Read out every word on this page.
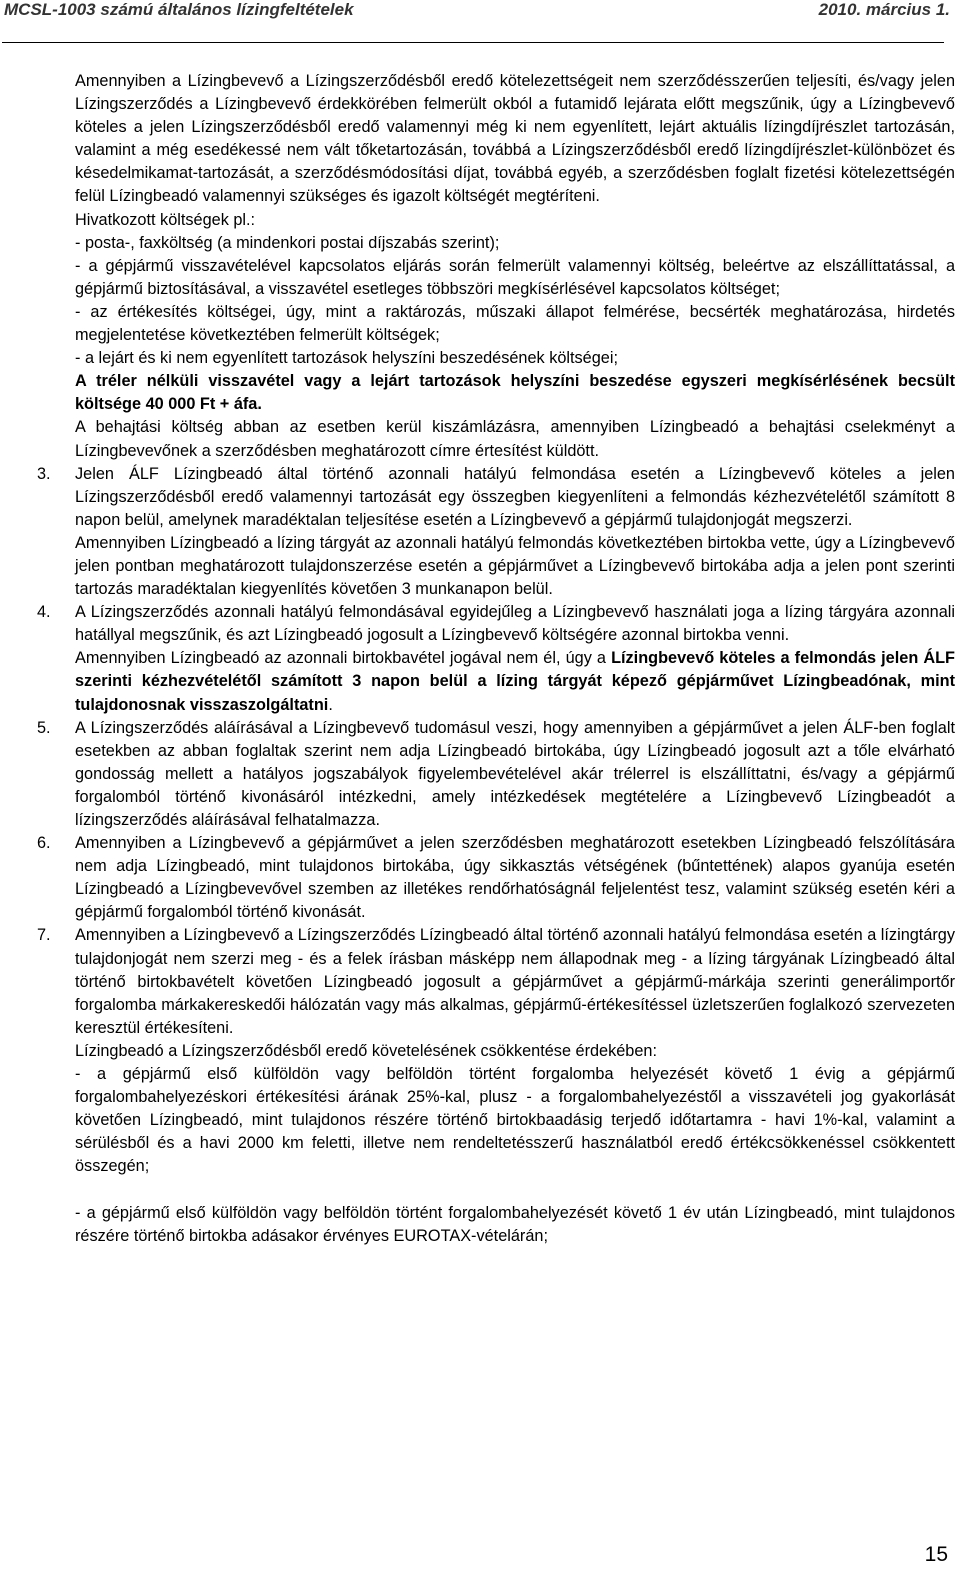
MCSL-1003 számú általános lízingfeltételek	2010. március 1.

Amennyiben a Lízingbevevő a Lízingszerződésből eredő kötelezettségeit nem szerződésszerűen teljesíti, és/vagy jelen Lízingszerződés a Lízingbevevő érdekkörében felmerült okból a futamidő lejárata előtt megszűnik, úgy a Lízingbevevő köteles a jelen Lízingszerződésből eredő valamennyi még ki nem egyenlített, lejárt aktuális lízingdíjrészlet tartozásán, valamint a még esedékessé nem vált tőketartozásán, továbbá a Lízingszerződésből eredő lízingdíjrészlet-különbözet és késedelmikamat-tartozását, a szerződésmódosítási díjat, továbbá egyéb, a szerződésben foglalt fizetési kötelezettségén felül Lízingbeadó valamennyi szükséges és igazolt költségét megtéríteni.

Hivatkozott költségek pl.:

- posta-, faxköltség (a mindenkori postai díjszabás szerint);

- a gépjármű visszavételével kapcsolatos eljárás során felmerült valamennyi költség, beleértve az elszállíttatással, a gépjármű biztosításával, a visszavétel esetleges többszöri megkísérlésével kapcsolatos költséget;

- az értékesítés költségei, úgy, mint a raktározás, műszaki állapot felmérése, becsérték meghatározása, hirdetés megjelentetése következtében felmerült költségek;

- a lejárt és ki nem egyenlített tartozások helyszíni beszedésének költségei;

A tréler nélküli visszavétel vagy a lejárt tartozások helyszíni beszedése egyszeri megkísérlésének becsült költsége 40 000 Ft + áfa.

A behajtási költség abban az esetben kerül kiszámlázásra, amennyiben Lízingbeadó a behajtási cselekményt a Lízingbevevőnek a szerződésben meghatározott címre értesítést küldött.

3. Jelen ÁLF Lízingbeadó által történő azonnali hatályú felmondása esetén a Lízingbevevő köteles a jelen Lízingszerződésből eredő valamennyi tartozását egy összegben kiegyenlíteni a felmondás kézhezvételétől számított 8 napon belül, amelynek maradéktalan teljesítése esetén a Lízingbevevő a gépjármű tulajdonjogát megszerzi.

Amennyiben Lízingbeadó a lízing tárgyát az azonnali hatályú felmondás következtében birtokba vette, úgy a Lízingbevevő jelen pontban meghatározott tulajdonszerzése esetén a gépjárművet a Lízingbevevő birtokába adja a jelen pont szerinti tartozás maradéktalan kiegyenlítés követően 3 munkanapon belül.

4. A Lízingszerződés azonnali hatályú felmondásával egyidejűleg a Lízingbevevő használati joga a lízing tárgyára azonnali hatállyal megszűnik, és azt Lízingbeadó jogosult a Lízingbevevő költségére azonnal birtokba venni.

Amennyiben Lízingbeadó az azonnali birtokbavétel jogával nem él, úgy a Lízingbevevő köteles a felmondás jelen ÁLF szerinti kézhezvételétől számított 3 napon belül a lízing tárgyát képező gépjárművet Lízingbeadónak, mint tulajdonosnak visszaszolgáltatni.

5. A Lízingszerződés aláírásával a Lízingbevevő tudomásul veszi, hogy amennyiben a gépjárművet a jelen ÁLF-ben foglalt esetekben az abban foglaltak szerint nem adja Lízingbeadó birtokába, úgy Lízingbeadó jogosult azt a tőle elvárható gondosság mellett a hatályos jogszabályok figyelembevételével akár trélerrel is elszállíttatni, és/vagy a gépjármű forgalomból történő kivonásáról intézkedni, amely intézkedések megtételére a Lízingbevevő Lízingbeadót a lízingszerződés aláírásával felhatalmazza.

6. Amennyiben a Lízingbevevő a gépjárművet a jelen szerződésben meghatározott esetekben Lízingbeadó felszólítására nem adja Lízingbeadó, mint tulajdonos birtokába, úgy sikkasztás vétségének (bűntettének) alapos gyanúja esetén Lízingbeadó a Lízingbevevővel szemben az illetékes rendőrhatóságnál feljelentést tesz, valamint szükség esetén kéri a gépjármű forgalomból történő kivonását.

7. Amennyiben a Lízingbevevő a Lízingszerződés Lízingbeadó által történő azonnali hatályú felmondása esetén a lízingtárgy tulajdonjogát nem szerzi meg - és a felek írásban másképp nem állapodnak meg - a lízing tárgyának Lízingbeadó által történő birtokbavételt követően Lízingbeadó jogosult a gépjárművet a gépjármű-márkája szerinti generálimportőr forgalomba márkakereskedői hálózatán vagy más alkalmas, gépjármű-értékesítéssel üzletszerűen foglalkozó szervezeten keresztül értékesíteni.

Lízingbeadó a Lízingszerződésből eredő követelésének csökkentése érdekében:

- a gépjármű első külföldön vagy belföldön történt forgalomba helyezését követő 1 évig a gépjármű forgalombahelyezéskori értékesítési árának 25%-kal, plusz - a forgalombahelyezéstől a visszavételi jog gyakorlását követően Lízingbeadó, mint tulajdonos részére történő birtokbaadásig terjedő időtartamra - havi 1%-kal, valamint a sérülésből és a havi 2000 km feletti, illetve nem rendeltetésszerű használatból eredő értékcsökkenéssel csökkentett összegén;

- a gépjármű első külföldön vagy belföldön történt forgalombahelyezését követő 1 év után Lízingbeadó, mint tulajdonos részére történő birtokba adásakor érvényes EUROTAX-vételárán;

15
